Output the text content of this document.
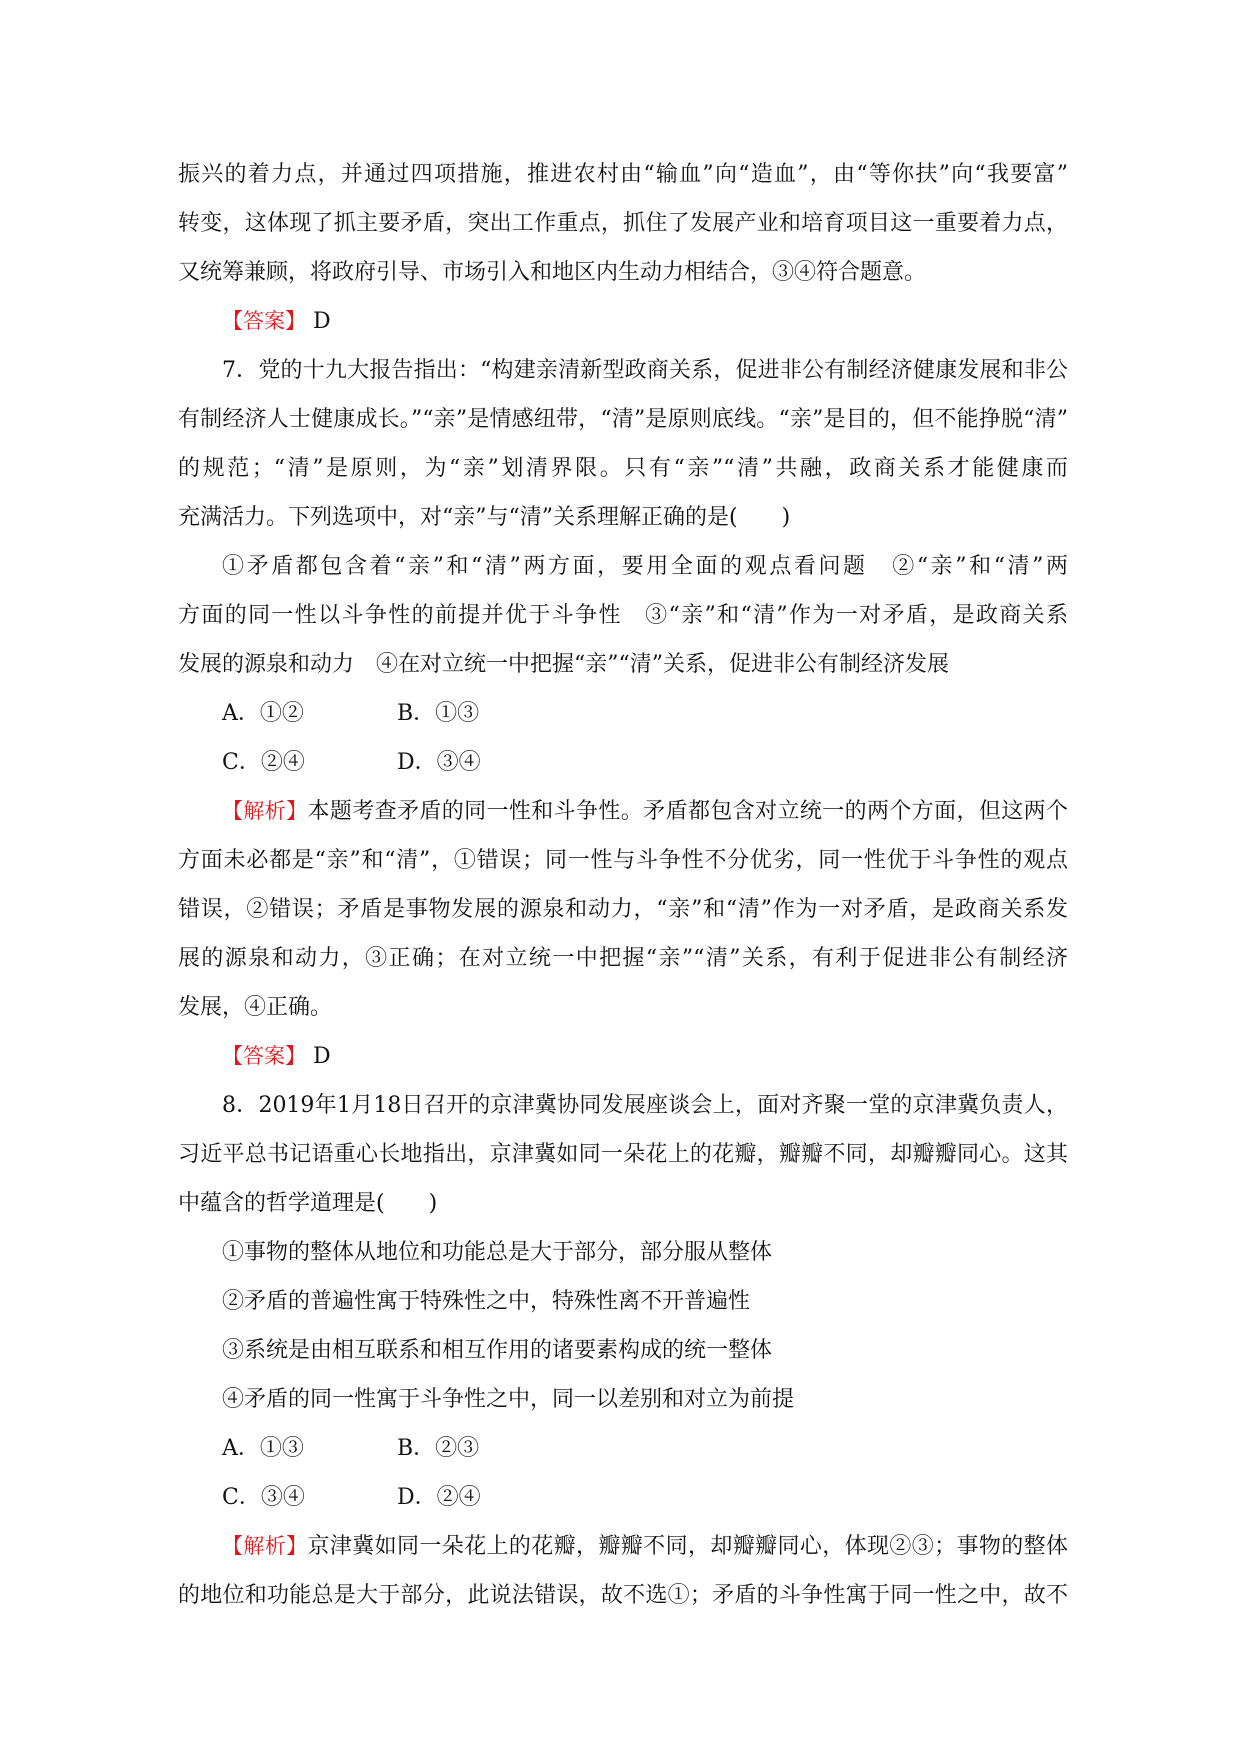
振兴的着力点，并通过四项措施，推进农村由“输血”向“造血”，由“等你扶”向“我要富”
转变，这体现了抓主要矛盾，突出工作重点，抓住了发展产业和培育项目这一重要着力点，
又统筹兼顾，将政府引导、市场引入和地区内生动力相结合，③④符合题意。
【答案】 D
7．党的十九大报告指出：“构建亲清新型政商关系，促进非公有制经济健康发展和非公
有制经济人士健康成长。”“亲”是情感纽带，“清”是原则底线。“亲”是目的，但不能挣脱“清”
的规范；“清”是原则，为“亲”划清界限。只有“亲”“清”共融，政商关系才能健康而
充满活力。下列选项中，对“亲”与“清”关系理解正确的是(　　)
①矛盾都包含着“亲”和“清”两方面，要用全面的观点看问题　②“亲”和“清”两
方面的同一性以斗争性的前提并优于斗争性　③“亲”和“清”作为一对矛盾，是政商关系
发展的源泉和动力　④在对立统一中把握“亲”“清”关系，促进非公有制经济发展
A．①②	B．①③
C．②④	D．③④
【解析】本题考查矛盾的同一性和斗争性。矛盾都包含对立统一的两个方面，但这两个
方面未必都是“亲”和“清”，①错误；同一性与斗争性不分优劣，同一性优于斗争性的观点
错误，②错误；矛盾是事物发展的源泉和动力，“亲”和“清”作为一对矛盾，是政商关系发
展的源泉和动力，③正确；在对立统一中把握“亲”“清”关系，有利于促进非公有制经济
发展，④正确。
【答案】 D
8．2019年1月18日召开的京津冀协同发展座谈会上，面对齐聚一堂的京津冀负责人，
习近平总书记语重心长地指出，京津冀如同一朵花上的花瓣，瓣瓣不同，却瓣瓣同心。这其
中蕴含的哲学道理是(　　)
①事物的整体从地位和功能总是大于部分，部分服从整体
②矛盾的普遍性寓于特殊性之中，特殊性离不开普遍性
③系统是由相互联系和相互作用的诸要素构成的统一整体
④矛盾的同一性寓于斗争性之中，同一以差别和对立为前提
A．①③	B．②③
C．③④	D．②④
【解析】京津冀如同一朵花上的花瓣，瓣瓣不同，却瓣瓣同心，体现②③；事物的整体
的地位和功能总是大于部分，此说法错误，故不选①；矛盾的斗争性寓于同一性之中，故不
